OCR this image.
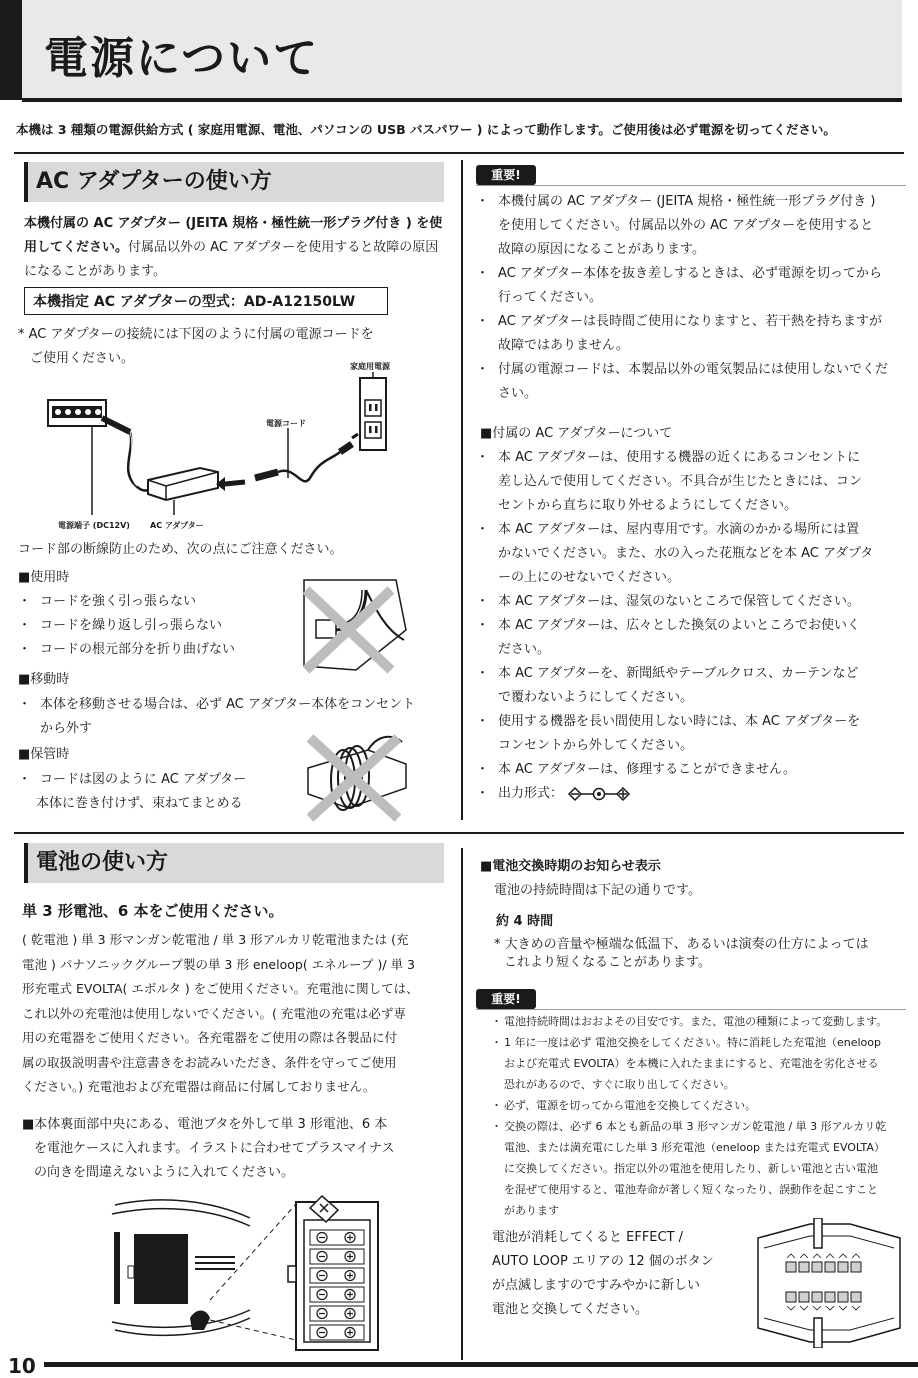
電源について
本機は 3 種類の電源供給方式 ( 家庭用電源、電池、パソコンの USB バスパワー ) によって動作します。ご使用後は必ず電源を切ってください。
AC アダプターの使い方
本機付属の AC アダプター (JEITA 規格・極性統一形プラグ付き ) を使用してください。付属品以外の AC アダプターを使用すると故障の原因になることがあります。
本機指定 AC アダプターの型式：AD-A12150LW
* AC アダプターの接続には下図のように付属の電源コードを
ご使用ください。
家庭用電源
電源コード
電源端子 (DC12V)	AC アダプター
コード部の断線防止のため、次の点にご注意ください。
■使用時
・ コードを強く引っ張らない
・ コードを繰り返し引っ張らない
・ コードの根元部分を折り曲げない
■移動時
・ 本体を移動させる場合は、必ず AC アダプター本体をコンセント
から外す
■保管時
・ コードは図のように AC アダプター
本体に巻き付けず、束ねてまとめる
重要!
・ 本機付属の AC アダプター (JEITA 規格・極性統一形プラグ付き )
を使用してください。付属品以外の AC アダプターを使用すると
故障の原因になることがあります。
・ AC アダプター本体を抜き差しするときは、必ず電源を切ってから
行ってください。
・ AC アダプターは長時間ご使用になりますと、若干熱を持ちますが
故障ではありません。
・ 付属の電源コードは、本製品以外の電気製品には使用しないでくだ
さい。
■付属の AC アダプターについて
・ 本 AC アダプターは、使用する機器の近くにあるコンセントに
差し込んで使用してください。不具合が生じたときには、コン
セントから直ちに取り外せるようにしてください。
・ 本 AC アダプターは、屋内専用です。水滴のかかる場所には置
かないでください。また、水の入った花瓶などを本 AC アダプタ
ーの上にのせないでください。
・ 本 AC アダプターは、湿気のないところで保管してください。
・ 本 AC アダプターは、広々とした換気のよいところでお使いく
ださい。
・ 本 AC アダプターを、新聞紙やテーブルクロス、カーテンなど
で覆わないようにしてください。
・ 使用する機器を長い間使用しない時には、本 AC アダプターを
コンセントから外してください。
・ 本 AC アダプターは、修理することができません。
・ 出力形式：
電池の使い方
単 3 形電池、6 本をご使用ください。
( 乾電池 ) 単 3 形マンガン乾電池 / 単 3 形アルカリ乾電池または (充
電池 ) パナソニックグループ製の単 3 形 eneloop( エネループ )/ 単 3
形充電式 EVOLTA( エボルタ ) をご使用ください。充電池に関しては、
これ以外の充電池は使用しないでください。( 充電池の充電は必ず専
用の充電器をご使用ください。各充電器をご使用の際は各製品に付
属の取扱説明書や注意書きをお読みいただき、条件を守ってご使用
ください。) 充電池および充電器は商品に付属しておりません。
■本体裏面部中央にある、電池ブタを外して単 3 形電池、6 本
を電池ケースに入れます。イラストに合わせてプラスマイナス
の向きを間違えないように入れてください。
■電池交換時期のお知らせ表示
電池の持続時間は下記の通りです。
約 4 時間
* 大きめの音量や極端な低温下、あるいは演奏の仕方によっては
これより短くなることがあります。
重要!
・ 電池持続時間はおおよその目安です。また、電池の種類によって変動します。
・ 1 年に一度は必ず 電池交換をしてください。特に消耗した充電池（eneloop
および充電式 EVOLTA）を本機に入れたままにすると、充電池を劣化させる
恐れがあるので、すぐに取り出してください。
・ 必ず、電源を切ってから電池を交換してください。
・ 交換の際は、必ず 6 本とも新品の単 3 形マンガン乾電池 / 単 3 形アルカリ乾
電池、または満充電にした単 3 形充電池（eneloop または充電式 EVOLTA）
に交換してください。指定以外の電池を使用したり、新しい電池と古い電池
を混ぜて使用すると、電池寿命が著しく短くなったり、誤動作を起こすこと
があります
電池が消耗してくると EFFECT /
AUTO LOOP エリアの 12 個のボタン
が点滅しますのですみやかに新しい
電池と交換してください。
10
